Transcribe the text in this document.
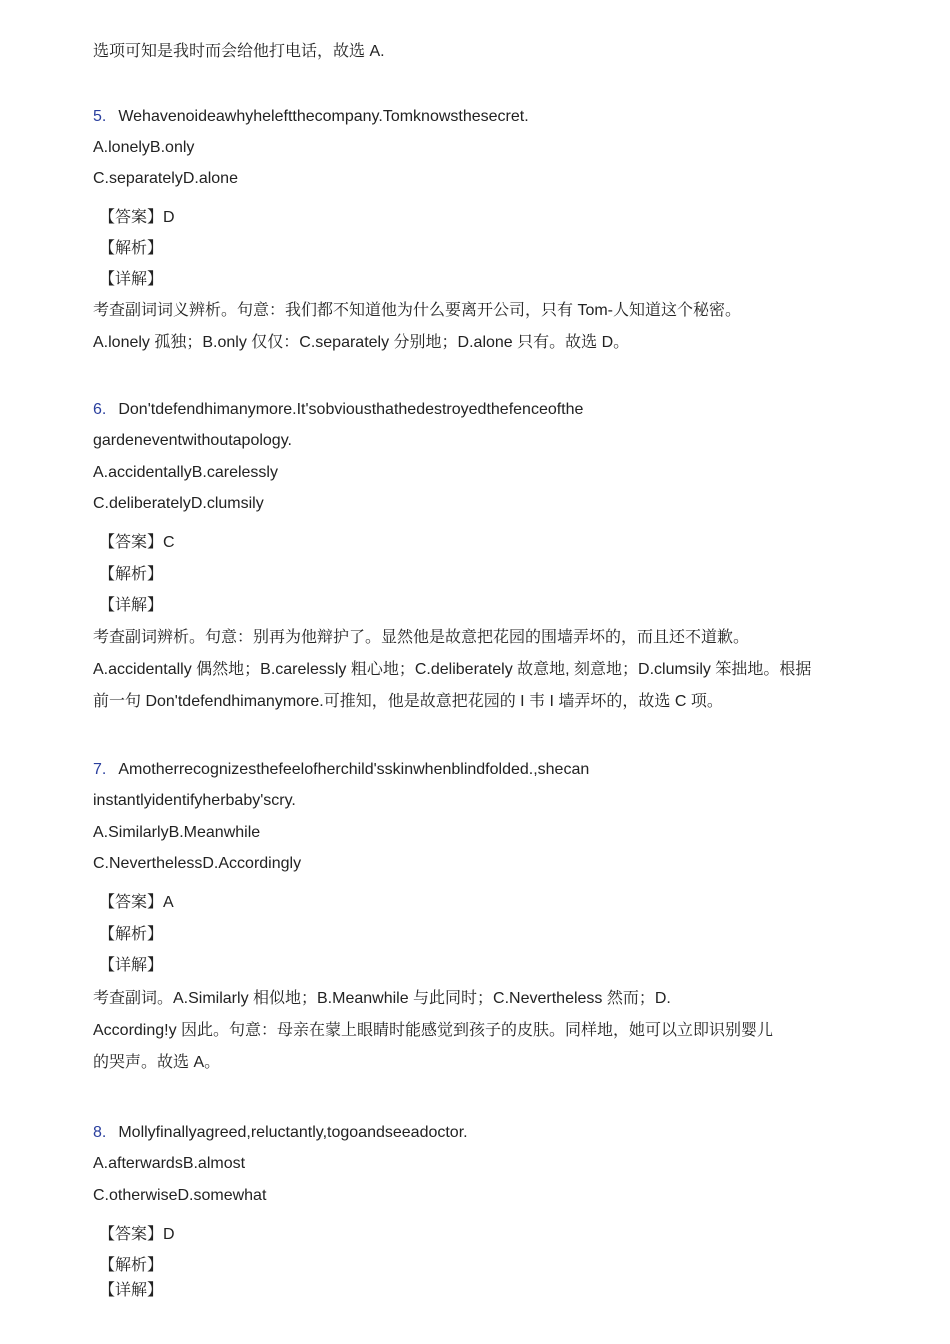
选项可知是我时而会给他打电话，故选 A.
5. Wehavenoideawhyheleftthecompany.Tomknowsthesecret.
A.lonelyB.only
C.separatelyD.alone
【答案】D
【解析】
【详解】
考查副词词义辨析。句意：我们都不知道他为什么要离开公司，只有 Tom-人知道这个秘密。
A.lonely 孤独；B.only 仅仅：C.separately 分别地；D.alone 只有。故选 D。
6. Don'tdefendhimanymore.It'sobviousthathedestroyedthefenceofthe
gardeneventwithoutapology.
A.accidentallyB.carelessly
C.deliberatelyD.clumsily
【答案】C
【解析】
【详解】
考查副词辨析。句意：别再为他辩护了。显然他是故意把花园的围墙弄坏的，而且还不道歉。
A.accidentally 偶然地；B.carelessly 粗心地；C.deliberately 故意地, 刻意地；D.clumsily 笨拙地。根据
前一句 Don'tdefendhimanymore.可推知，他是故意把花园的 I 韦 I 墙弄坏的，故选 C 项。
7. Amotherrecognizesthefeelofherchild'sskinwhenblindfolded.,shecan
instantlyidentifyherbaby'scry.
A.SimilarlyB.Meanwhile
C.NeverthelessD.Accordingly
【答案】A
【解析】
【详解】
考查副词。A.Similarly 相似地；B.Meanwhile 与此同时；C.Nevertheless 然而；D.
According!y 因此。句意：母亲在蒙上眼睛时能感觉到孩子的皮肤。同样地，她可以立即识别婴儿
的哭声。故选 A。
8. Mollyfinallyagreed,reluctantly,togoandseeadoctor.
A.afterwardsB.almost
C.otherwiseD.somewhat
【答案】D
【解析】
【详解】
